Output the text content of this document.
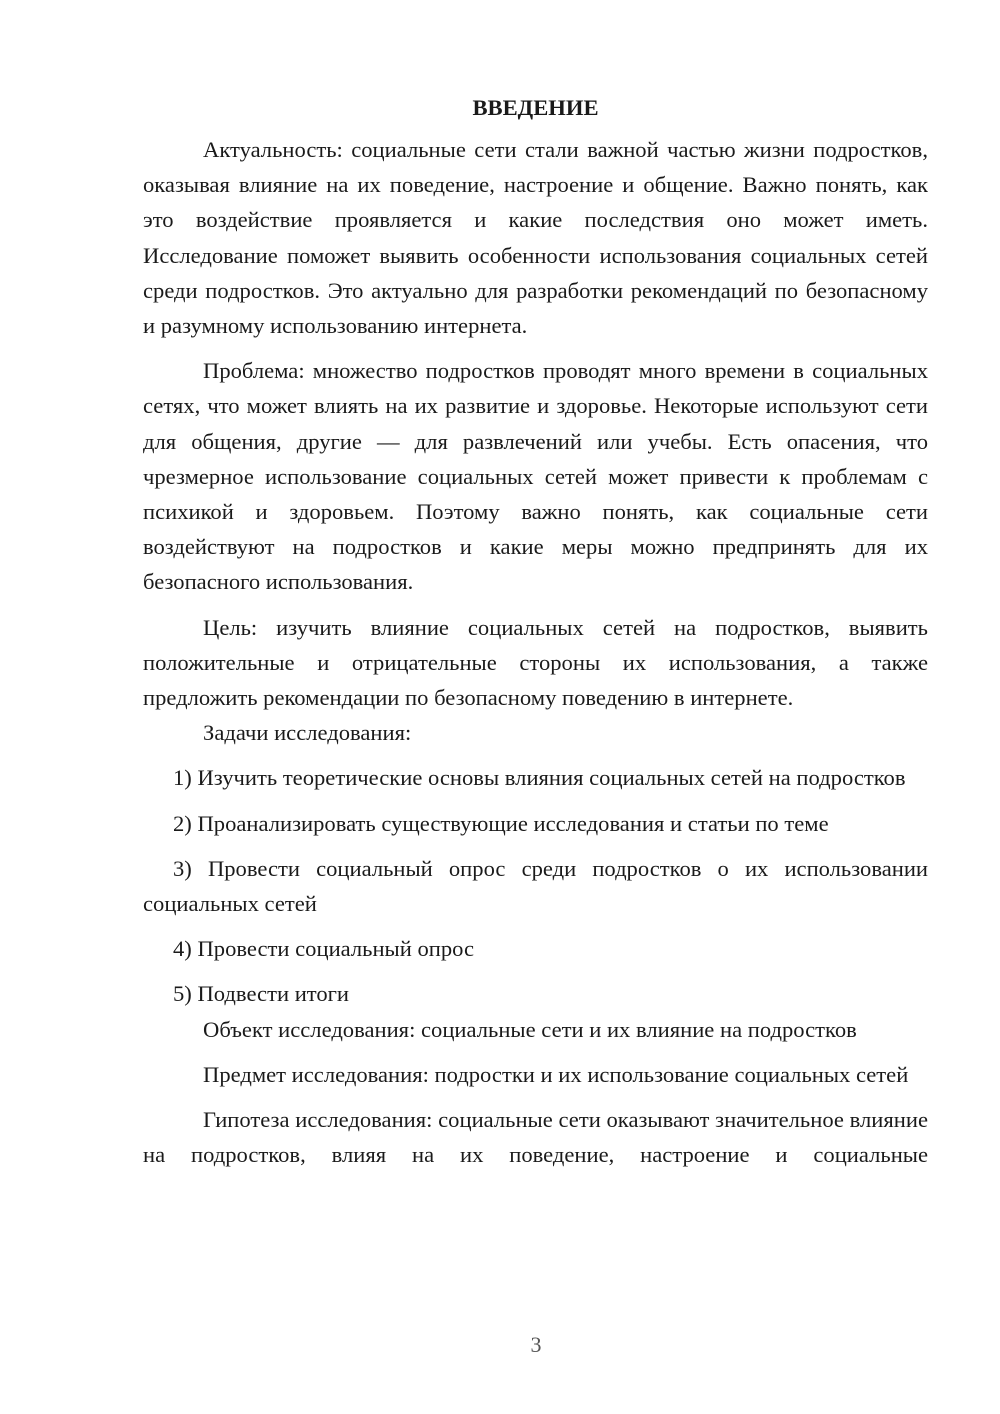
ВВЕДЕНИЕ

Актуальность: социальные сети стали важной частью жизни подростков, оказывая влияние на их поведение, настроение и общение. Важно понять, как это воздействие проявляется и какие последствия оно может иметь. Исследование поможет выявить особенности использования социальных сетей среди подростков. Это актуально для разработки рекомендаций по безопасному и разумному использованию интернета.

Проблема: множество подростков проводят много времени в социальных сетях, что может влиять на их развитие и здоровье. Некоторые используют сети для общения, другие — для развлечений или учебы. Есть опасения, что чрезмерное использование социальных сетей может привести к проблемам с психикой и здоровьем. Поэтому важно понять, как социальные сети воздействуют на подростков и какие меры можно предпринять для их безопасного использования.

Цель: изучить влияние социальных сетей на подростков, выявить положительные и отрицательные стороны их использования, а также предложить рекомендации по безопасному поведению в интернете.

Задачи исследования:

1) Изучить теоретические основы влияния социальных сетей на подростков

2) Проанализировать существующие исследования и статьи по теме

3) Провести социальный опрос среди подростков о их использовании социальных сетей

4) Провести социальный опрос

5) Подвести итоги

Объект исследования: социальные сети и их влияние на подростков

Предмет исследования: подростки и их использование социальных сетей

Гипотеза исследования: социальные сети оказывают значительное влияние на подростков, влияя на их поведение, настроение и социальные

3
